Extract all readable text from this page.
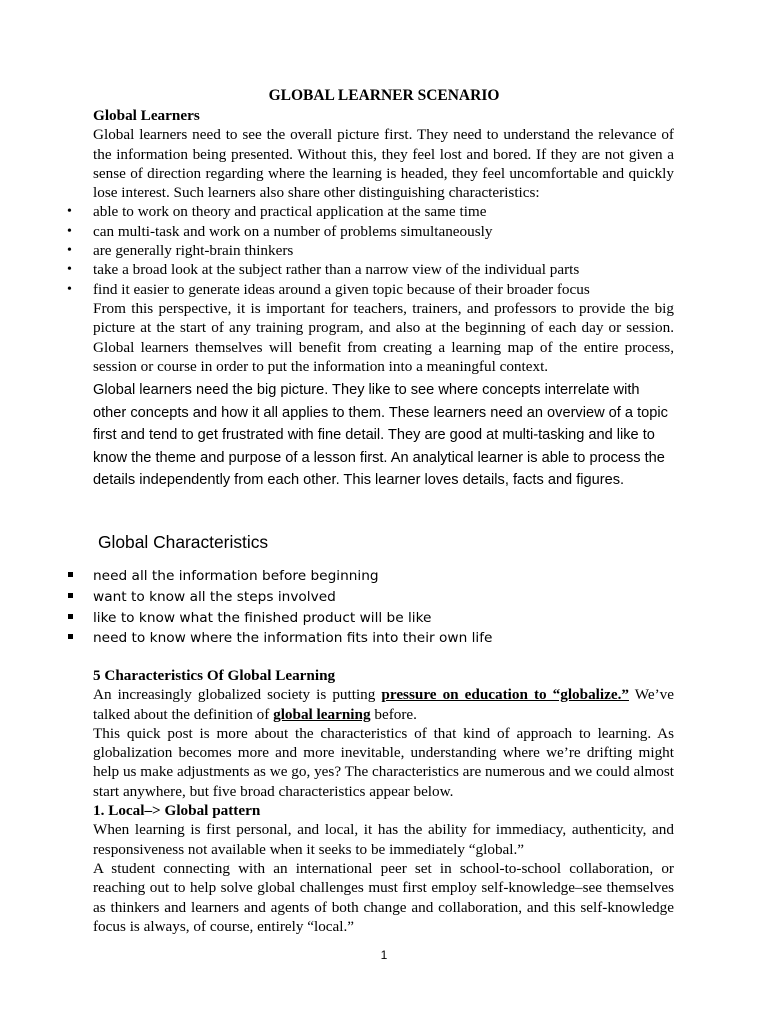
GLOBAL LEARNER SCENARIO

Global Learners

Global learners need to see the overall picture first. They need to understand the relevance of the information being presented. Without this, they feel lost and bored. If they are not given a sense of direction regarding where the learning is headed, they feel uncomfortable and quickly lose interest. Such learners also share other distinguishing characteristics:

• able to work on theory and practical application at the same time
• can multi-task and work on a number of problems simultaneously
• are generally right-brain thinkers
• take a broad look at the subject rather than a narrow view of the individual parts
• find it easier to generate ideas around a given topic because of their broader focus

From this perspective, it is important for teachers, trainers, and professors to provide the big picture at the start of any training program, and also at the beginning of each day or session. Global learners themselves will benefit from creating a learning map of the entire process, session or course in order to put the information into a meaningful context.

Global learners need the big picture. They like to see where concepts interrelate with other concepts and how it all applies to them. These learners need an overview of a topic first and tend to get frustrated with fine detail. They are good at multi-tasking and like to know the theme and purpose of a lesson first. An analytical learner is able to process the details independently from each other. This learner loves details, facts and figures.
Global Characteristics
need all the information before beginning
want to know all the steps involved
like to know what the finished product will be like
need to know where the information fits into their own life

5 Characteristics Of Global Learning

An increasingly globalized society is putting pressure on education to “globalize.” We’ve talked about the definition of global learning before.

This quick post is more about the characteristics of that kind of approach to learning. As globalization becomes more and more inevitable, understanding where we’re drifting might help us make adjustments as we go, yes? The characteristics are numerous and we could almost start anywhere, but five broad characteristics appear below.

1. Local–> Global pattern

When learning is first personal, and local, it has the ability for immediacy, authenticity, and responsiveness not available when it seeks to be immediately “global.”

A student connecting with an international peer set in school-to-school collaboration, or reaching out to help solve global challenges must first employ self-knowledge–see themselves as thinkers and learners and agents of both change and collaboration, and this self-knowledge focus is always, of course, entirely “local.”

1
